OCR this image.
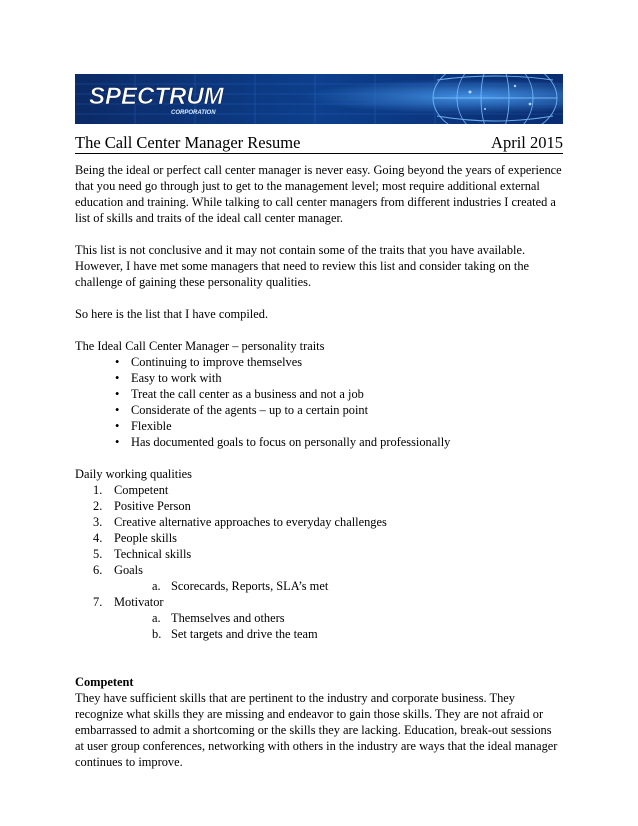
SPECTRUM
CORPORATION
The Call Center Manager Resume	April 2015

Being the ideal or perfect call center manager is never easy. Going beyond the years of experience that you need go through just to get to the management level; most require additional external education and training. While talking to call center managers from different industries I created a list of skills and traits of the ideal call center manager.

This list is not conclusive and it may not contain some of the traits that you have available. However, I have met some managers that need to review this list and consider taking on the challenge of gaining these personality qualities.

So here is the list that I have compiled.

The Ideal Call Center Manager – personality traits

• Continuing to improve themselves
• Easy to work with
• Treat the call center as a business and not a job
• Considerate of the agents – up to a certain point
• Flexible
• Has documented goals to focus on personally and professionally

Daily working qualities

1. Competent
2. Positive Person
3. Creative alternative approaches to everyday challenges
4. People skills
5. Technical skills
6. Goals
a. Scorecards, Reports, SLA’s met
7. Motivator
a. Themselves and others
b. Set targets and drive the team

Competent

They have sufficient skills that are pertinent to the industry and corporate business. They recognize what skills they are missing and endeavor to gain those skills. They are not afraid or embarrassed to admit a shortcoming or the skills they are lacking. Education, break-out sessions at user group conferences, networking with others in the industry are ways that the ideal manager continues to improve.
